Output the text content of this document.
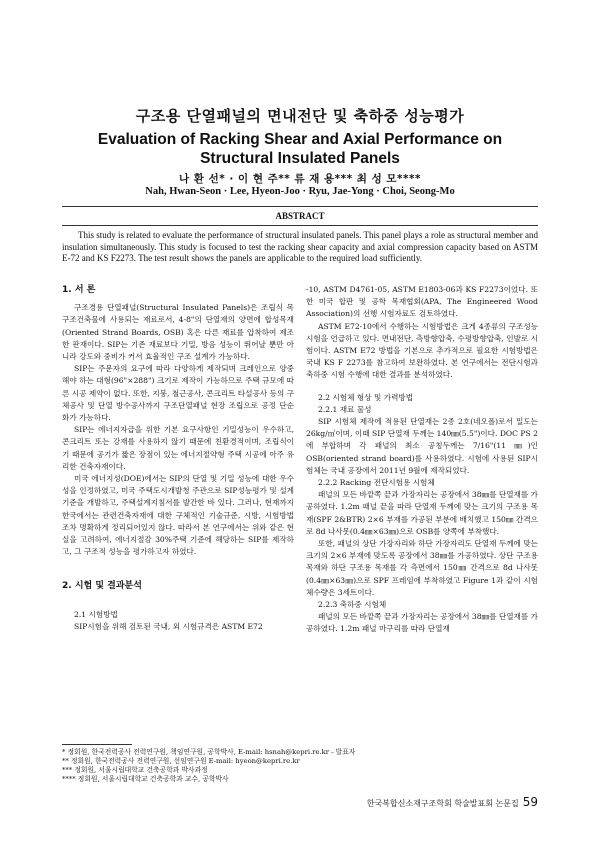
구조용 단열패널의 면내전단 및 축하중 성능평가
Evaluation of Racking Shear and Axial Performance on Structural Insulated Panels
나 환 선* · 이 현 주** 류 재 용*** 최 성 모****
Nah, Hwan-Seon · Lee, Hyeon-Joo · Ryu, Jae-Yong · Choi, Seong-Mo
ABSTRACT

This study is related to evaluate the performance of structural insulated panels. This panel plays a role as structural member and insulation simultaneously. This study is focused to test the racking shear capacity and axial compression capacity based on ASTM E-72 and KS F2273. The test result shows the panels are applicable to the required load sufficiently.

1. 서 론

구조경용 단열패널(Structural Insulated Panels)은 조립식 목구조건축물에 사용되는 재료로서, 4-8"의 단열재의 양면에 합성목재(Oriented Strand Boards, OSB) 혹은 다른 재료를 압착하여 제조한 판재이다. SIP는 기존 재료보다 기밀, 방음 성능이 뛰어날 뿐만 아니라 강도와 중비가 커서 효율적인 구조 설계가 가능하다.

SIP는 주문자의 요구에 따라 다양하게 제작되며 크레인으로 양중해야 하는 대형(96"×288") 크기로 제작이 가능하므로 주택 규모에 따른 시공 제약이 없다. 또한, 지붕, 철근공사, 콘크리트 타설공사 등의 구체공사 및 단열 방수공사까지 구조단열패널 현장 조립으로 공정 단순화가 가능하다.

SIP는 에너지자급을 위한 기본 요구사항인 기밀성능이 우수하고, 콘크리트 또는 강재를 사용하지 않기 때문에 친환경적이며, 조립식이기 때문에 공기가 짧은 장점이 있는 에너지절약형 주택 시공에 아주 유리한 건축자재이다.

미국 에너지성(DOE)에서는 SIP의 단열 및 기밀 성능에 대한 우수성을 인정하였고, 미국 주택도시개발청 주관으로 SIP성능평가 및 설계기준을 개발하고, 주택설계지침서를 발간한 바 있다. 그러나, 현재까지 한국에서는 관련건축자재에 대한 구체적인 기술규준, 시방, 시험방법조차 명확하게 정리되어있지 않다. 따라서 본 연구에서는 위와 같은 현실을 고려하여, 에너지절감 30%주택 기준에 해당하는 SIP를 제작하고, 그 구조적 성능을 평가하고자 하였다.

2. 시험 및 결과분석

2.1 시험방법

SIP시험을 위해 검토된 국내, 외 시험규격은 ASTM E72

-10, ASTM D4761-05, ASTM E1803-06과 KS F2273이었다. 또한 미국 합판 및 공학 목재협회(APA, The Engineered Wood Association)의 선행 시험자료도 검토하였다.

ASTM E72-10에서 수행하는 시험방법은 크게 4종류의 구조성능시험을 언급하고 있다. 면내전단, 측방향압축, 수평방향압축, 인발로 시험이다. ASTM E72 방법을 기본으로 추가적으로 필요한 시험방법은 국내 KS F 2273를 참고하여 보완하였다. 본 연구에서는 전단시험과 축하중 시험 수행에 대한 결과를 분석하였다.

2.2 시험체 형상 및 가력방법

2.2.1 재료 물성

SIP 시험체 제작에 적용된 단열재는 2종 2호(네오폴)로서 밀도는 26kg/㎥이며, 이때 SIP 단열재 두께는 140㎜(5.5")이다. DOC PS 2에 부합하며 각 패널의 최소 공칭두께는 7/16"(11 ㎜)인 OSB(oriented strand board)를 사용하였다. 시험에 사용된 SIP시험체는 국내 공장에서 2011년 9월에 제작되었다.

2.2.2 Racking 전단시험용 시험체

패널의 모든 바깥쪽 끝과 가장자리는 공장에서 38㎜를 단열재를 가공하였다. 1.2m 패널 끝을 따라 단열재 두께에 맞는 크기의 구조용 목재(SPF 2&BTR) 2×6 부재를 가공된 부분에 배치했고 150㎜ 간격으로 8d 나사못(0.4㎜×63㎜)으로 OSB를 양쪽에 부착했다.

또한, 패널의 상단 가장자리와 하단 가장자리도 단열재 두께에 맞는 크기의 2×6 부재에 맞도록 공장에서 38㎜를 가공하였다. 상단 구조용 목재와 하단 구조용 목재를 각 측면에서 150㎜ 간격으로 8d 나사못(0.4㎜×63㎜)으로 SPF 프레임에 부착하였고 Figure 1과 같이 시험체수량은 3세트이다.

2.2.3 축하중 시험체

패널의 모든 바깥쪽 끝과 가장자리는 공장에서 38㎜를 단열재를 가공하였다. 1.2m 패널 마구리를 따라 단열재

한국복합신소재구조학회 학술발표회 논문집 59
* 정회원, 한국전력공사 전력연구원, 책임연구원, 공학박사, E-mail: hsnah@kepri.re.kr - 발표자
** 정회원, 한국전력공사 전력연구원, 선임연구원 E-mail: hyeon@kepri.re.kr
*** 정회원, 서울시립대학교 건축공학과 박사과정
**** 정회원, 서울시립대학교 건축공학과 교수, 공학박사
